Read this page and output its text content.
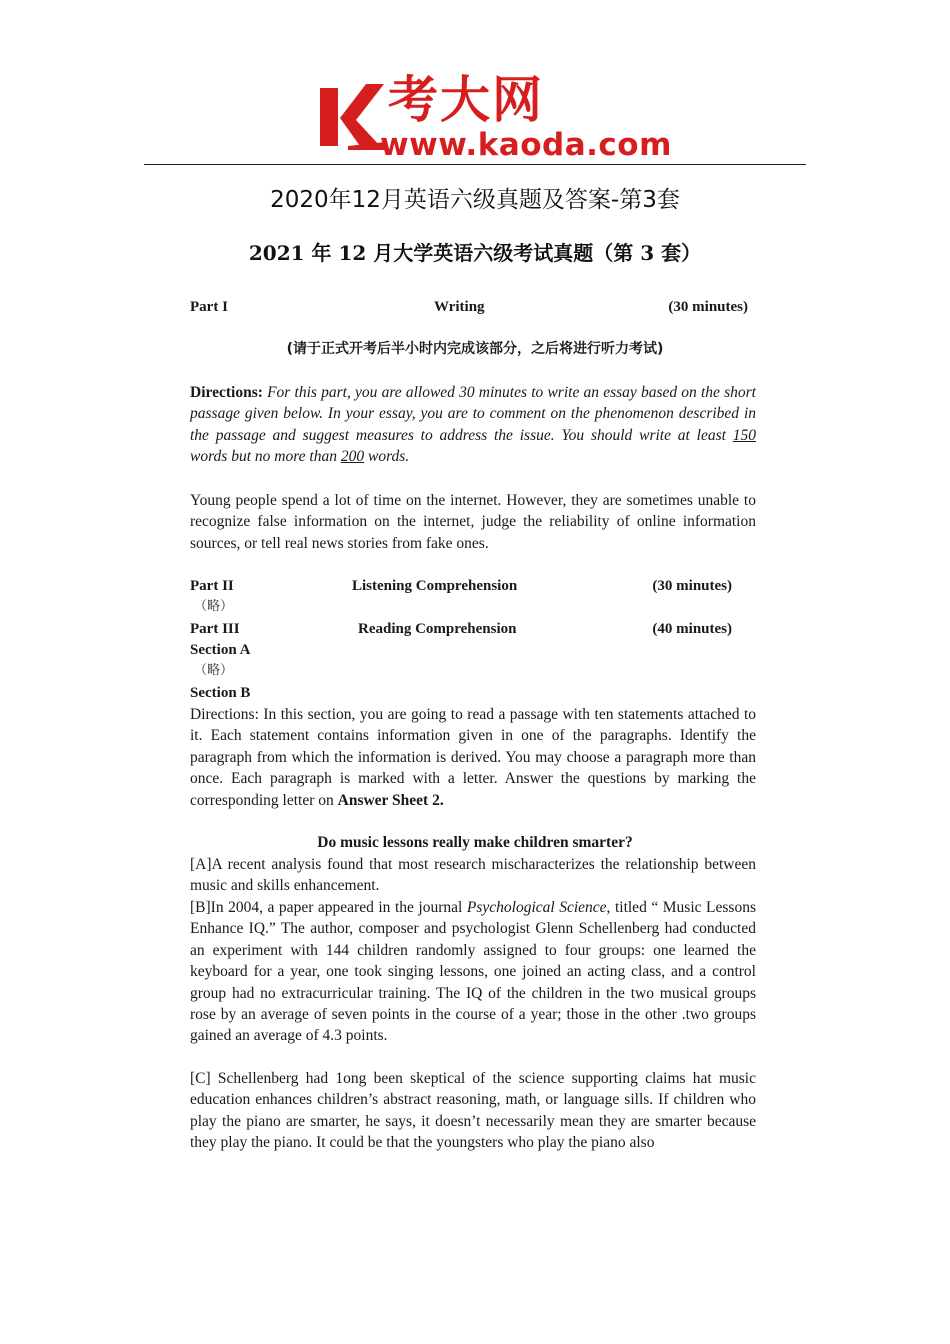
考大网
www.kaoda.com
2020年12月英语六级真题及答案-第3套
2021 年 12 月大学英语六级考试真题（第 3 套）
Part I	Writing	(30 minutes)
(请于正式开考后半小时内完成该部分，之后将进行听力考试)

Directions: For this part, you are allowed 30 minutes to write an essay based on the short passage given below. In your essay, you are to comment on the phenomenon described in the passage and suggest measures to address the issue. You should write at least 150 words but no more than 200 words.

Young people spend a lot of time on the internet. However, they are sometimes unable to recognize false information on the internet, judge the reliability of online information sources, or tell real news stories from fake ones.

Part II	Listening Comprehension	(30 minutes)
（略）
Part III	Reading Comprehension	(40 minutes)
Section A
（略）
Section B

Directions: In this section, you are going to read a passage with ten statements attached to it. Each statement contains information given in one of the paragraphs. Identify the paragraph from which the information is derived. You may choose a paragraph more than once. Each paragraph is marked with a letter. Answer the questions by marking the corresponding letter on Answer Sheet 2.

Do music lessons really make children smarter?

[A]A recent analysis found that most research mischaracterizes the relationship between music and skills enhancement.

[B]In 2004, a paper appeared in the journal Psychological Science, titled “ Music Lessons Enhance IQ.” The author, composer and psychologist Glenn Schellenberg had conducted an experiment with 144 children randomly assigned to four groups: one learned the keyboard for a year, one took singing lessons, one joined an acting class, and a control group had no extracurricular training. The IQ of the children in the two musical groups rose by an average of seven points in the course of a year; those in the other .two groups gained an average of 4.3 points.

[C] Schellenberg had 1ong been skeptical of the science supporting claims hat music education enhances children’s abstract reasoning, math, or language sills. If children who play the piano are smarter, he says, it doesn’t necessarily mean they are smarter because they play the piano. It could be that the youngsters who play the piano also
